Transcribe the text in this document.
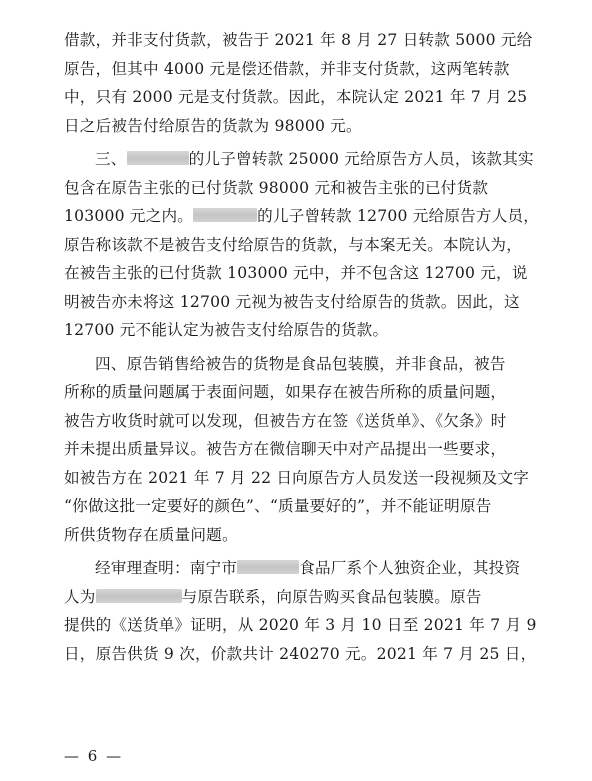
借款，并非支付货款，被告于 2021 年 8 月 27 日转款 5000 元给
原告，但其中 4000 元是偿还借款，并非支付货款，这两笔转款
中，只有 2000 元是支付货款。因此，本院认定 2021 年 7 月 25
日之后被告付给原告的货款为 98000 元。

三、	的儿子曾转款 25000 元给原告方人员，该款其实
包含在原告主张的已付货款 98000 元和被告主张的已付货款
103000 元之内。	的儿子曾转款 12700 元给原告方人员，
原告称该款不是被告支付给原告的货款，与本案无关。本院认为，
在被告主张的已付货款 103000 元中，并不包含这 12700 元，说
明被告亦未将这 12700 元视为被告支付给原告的货款。因此，这
12700 元不能认定为被告支付给原告的货款。

四、原告销售给被告的货物是食品包装膜，并非食品，被告
所称的质量问题属于表面问题，如果存在被告所称的质量问题，
被告方收货时就可以发现，但被告方在签《送货单》、《欠条》时
并未提出质量异议。被告方在微信聊天中对产品提出一些要求，
如被告方在 2021 年 7 月 22 日向原告方人员发送一段视频及文字
“你做这批一定要好的颜色”、“质量要好的”，并不能证明原告
所供货物存在质量问题。

经审理查明：南宁市	食品厂系个人独资企业，其投资
人为	与原告联系，向原告购买食品包装膜。原告
提供的《送货单》证明，从 2020 年 3 月 10 日至 2021 年 7 月 9
日，原告供货 9 次，价款共计 240270 元。2021 年 7 月 25 日，

— 6 —
